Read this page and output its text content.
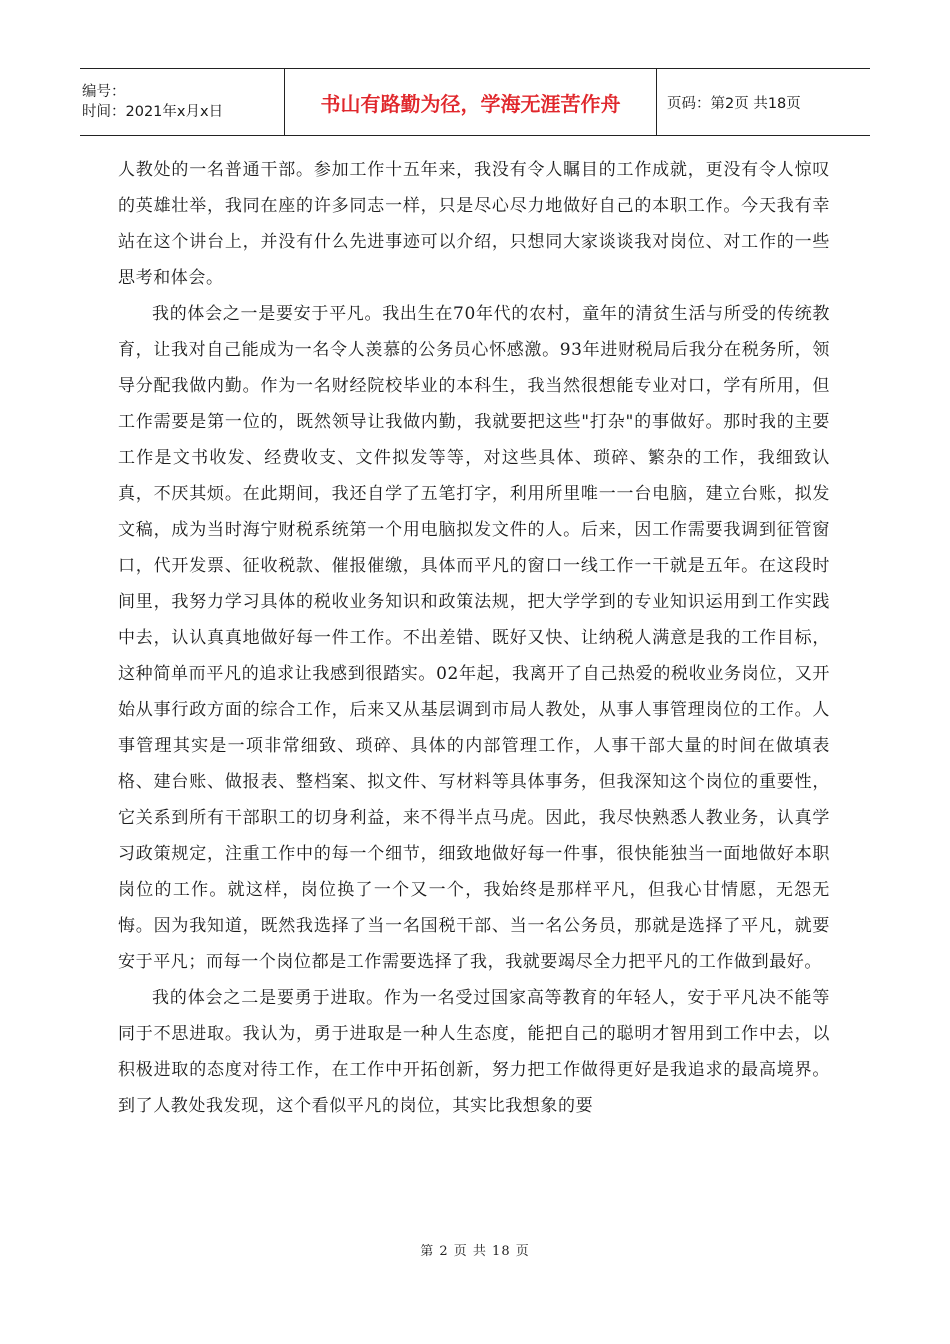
编号：
时间：2021年x月x日	书山有路勤为径，学海无涯苦作舟	页码：第2页 共18页

人教处的一名普通干部。参加工作十五年来，我没有令人瞩目的工作成就，更没有令人惊叹的英雄壮举，我同在座的许多同志一样，只是尽心尽力地做好自己的本职工作。今天我有幸站在这个讲台上，并没有什么先进事迹可以介绍，只想同大家谈谈我对岗位、对工作的一些思考和体会。

我的体会之一是要安于平凡。我出生在70年代的农村，童年的清贫生活与所受的传统教育，让我对自己能成为一名令人羡慕的公务员心怀感激。93年进财税局后我分在税务所，领导分配我做内勤。作为一名财经院校毕业的本科生，我当然很想能专业对口，学有所用，但工作需要是第一位的，既然领导让我做内勤，我就要把这些"打杂"的事做好。那时我的主要工作是文书收发、经费收支、文件拟发等等，对这些具体、琐碎、繁杂的工作，我细致认真，不厌其烦。在此期间，我还自学了五笔打字，利用所里唯一一台电脑，建立台账，拟发文稿，成为当时海宁财税系统第一个用电脑拟发文件的人。后来，因工作需要我调到征管窗口，代开发票、征收税款、催报催缴，具体而平凡的窗口一线工作一干就是五年。在这段时间里，我努力学习具体的税收业务知识和政策法规，把大学学到的专业知识运用到工作实践中去，认认真真地做好每一件工作。不出差错、既好又快、让纳税人满意是我的工作目标，这种简单而平凡的追求让我感到很踏实。02年起，我离开了自己热爱的税收业务岗位，又开始从事行政方面的综合工作，后来又从基层调到市局人教处，从事人事管理岗位的工作。人事管理其实是一项非常细致、琐碎、具体的内部管理工作，人事干部大量的时间在做填表格、建台账、做报表、整档案、拟文件、写材料等具体事务，但我深知这个岗位的重要性，它关系到所有干部职工的切身利益，来不得半点马虎。因此，我尽快熟悉人教业务，认真学习政策规定，注重工作中的每一个细节，细致地做好每一件事，很快能独当一面地做好本职岗位的工作。就这样，岗位换了一个又一个，我始终是那样平凡，但我心甘情愿，无怨无悔。因为我知道，既然我选择了当一名国税干部、当一名公务员，那就是选择了平凡，就要安于平凡；而每一个岗位都是工作需要选择了我，我就要竭尽全力把平凡的工作做到最好。

我的体会之二是要勇于进取。作为一名受过国家高等教育的年轻人，安于平凡决不能等同于不思进取。我认为，勇于进取是一种人生态度，能把自己的聪明才智用到工作中去，以积极进取的态度对待工作，在工作中开拓创新，努力把工作做得更好是我追求的最高境界。到了人教处我发现，这个看似平凡的岗位，其实比我想象的要

第 2 页 共 18 页
